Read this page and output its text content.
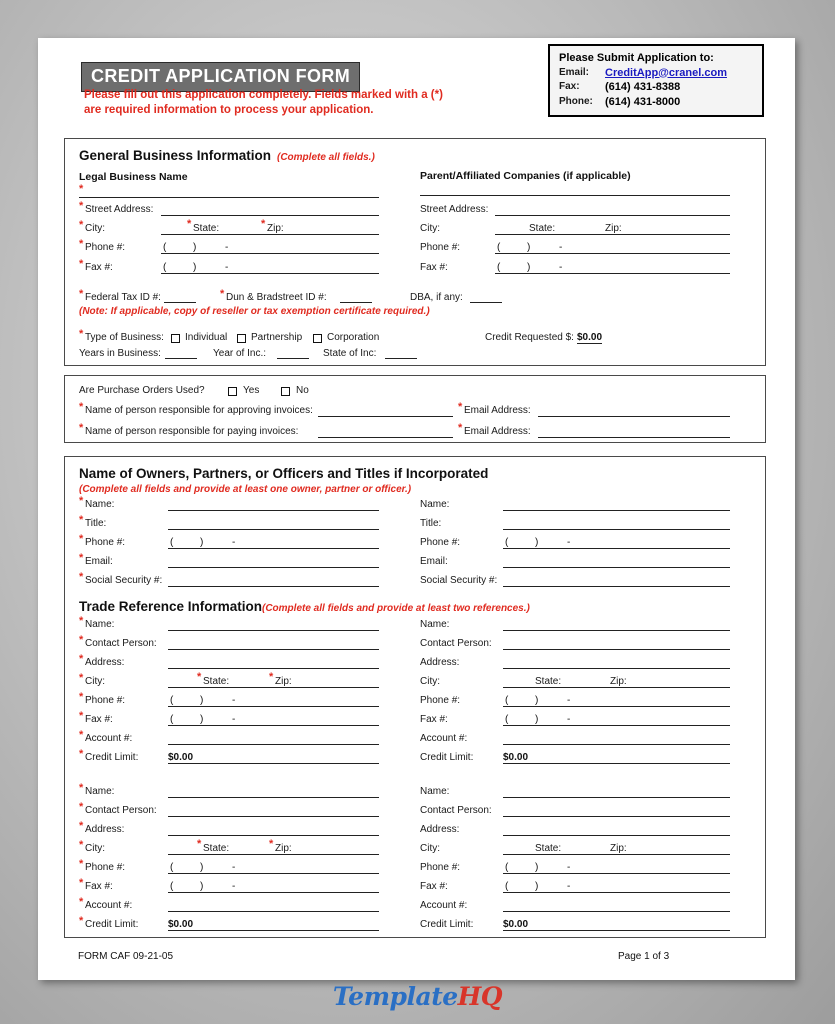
CREDIT APPLICATION FORM
Please fill out this application completely. Fields marked with a (*)
are required information to process your application.
Please Submit Application to:
Email:	CreditApp@cranel.com
Fax:	(614) 431-8388
Phone:	(614) 431-8000
General Business Information (Complete all fields.)
Legal Business Name	Parent/Affiliated Companies (if applicable)
*
* Street Address:	Street Address:
* City:	* State:	* Zip:	City:	State:	Zip:
* Phone #:	(	)	-	Phone #:	(	)	-
* Fax #:	(	)	-	Fax #:	(	)	-
* Federal Tax ID #:	* Dun & Bradstreet ID #:	DBA, if any:
(Note: If applicable, copy of reseller or tax exemption certificate required.)
* Type of Business: Individual Partnership Corporation	Credit Requested $: $0.00
Years in Business:	Year of Inc.:	State of Inc:
Are Purchase Orders Used?	Yes	No
* Name of person responsible for approving invoices:	* Email Address:
* Name of person responsible for paying invoices:	* Email Address:
Name of Owners, Partners, or Officers and Titles if Incorporated
(Complete all fields and provide at least one owner, partner or officer.)
* Name:	Name:
* Title:	Title:
* Phone #:	(	)	-	Phone #:	(	)	-
* Email:	Email:
* Social Security #:	Social Security #:
Trade Reference Information (Complete all fields and provide at least two references.)
* Name:	Name:
* Contact Person:	Contact Person:
* Address:	Address:
* City:	* State:	* Zip:	City:	State:	Zip:
* Phone #:	(	)	-	Phone #:	(	)	-
* Fax #:	(	)	-	Fax #:	(	)	-
* Account #:	Account #:
* Credit Limit:	$0.00	Credit Limit:	$0.00
* Name:	Name:
* Contact Person:	Contact Person:
* Address:	Address:
* City:	* State:	* Zip:	City:	State:	Zip:
* Phone #:	(	)	-	Phone #:	(	)	-
* Fax #:	(	)	-	Fax #:	(	)	-
* Account #:	Account #:
* Credit Limit:	$0.00	Credit Limit:	$0.00
FORM CAF 09-21-05	Page 1 of 3
TemplateHQ
